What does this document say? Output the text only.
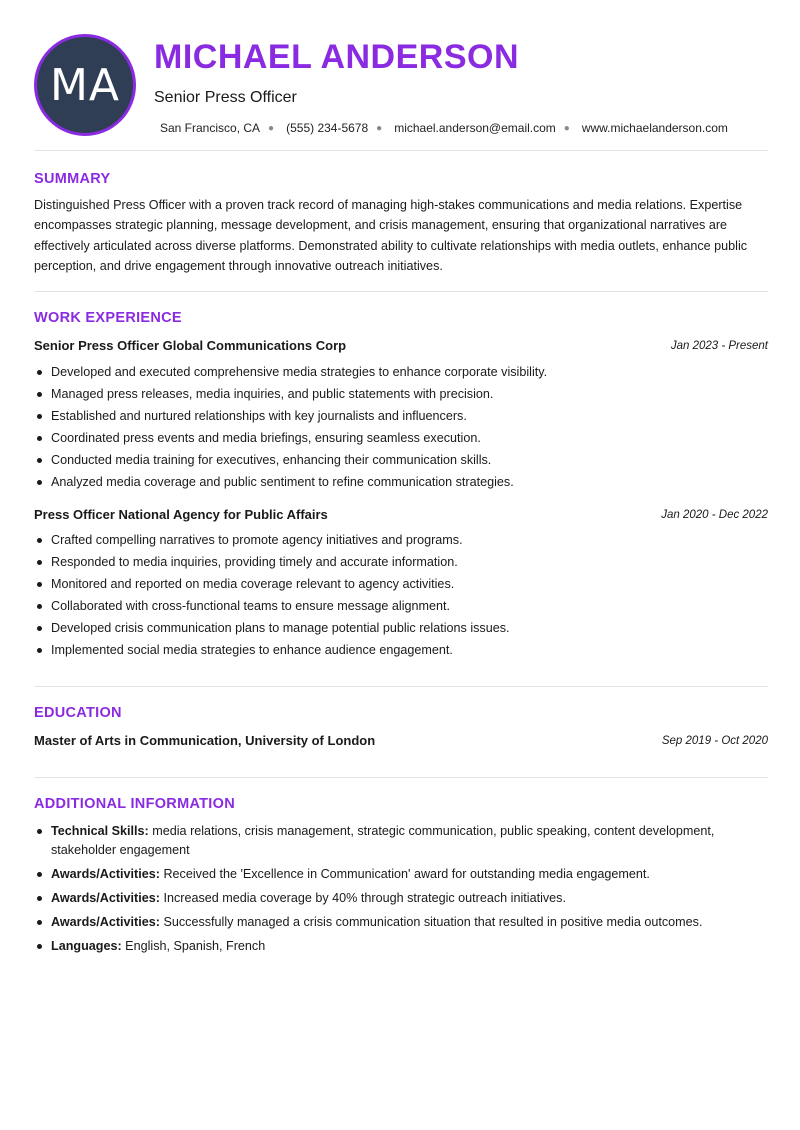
MA
MICHAEL ANDERSON
Senior Press Officer
San Francisco, CA ● (555) 234-5678 ● michael.anderson@email.com ● www.michaelanderson.com
SUMMARY

Distinguished Press Officer with a proven track record of managing high-stakes communications and media relations. Expertise encompasses strategic planning, message development, and crisis management, ensuring that organizational narratives are effectively articulated across diverse platforms. Demonstrated ability to cultivate relationships with media outlets, enhance public perception, and drive engagement through innovative outreach initiatives.

WORK EXPERIENCE
Senior Press Officer Global Communications Corp	Jan 2023 - Present
Developed and executed comprehensive media strategies to enhance corporate visibility.
Managed press releases, media inquiries, and public statements with precision.
Established and nurtured relationships with key journalists and influencers.
Coordinated press events and media briefings, ensuring seamless execution.
Conducted media training for executives, enhancing their communication skills.
Analyzed media coverage and public sentiment to refine communication strategies.
Press Officer National Agency for Public Affairs	Jan 2020 - Dec 2022
Crafted compelling narratives to promote agency initiatives and programs.
Responded to media inquiries, providing timely and accurate information.
Monitored and reported on media coverage relevant to agency activities.
Collaborated with cross-functional teams to ensure message alignment.
Developed crisis communication plans to manage potential public relations issues.
Implemented social media strategies to enhance audience engagement.
EDUCATION
Master of Arts in Communication, University of London	Sep 2019 - Oct 2020
ADDITIONAL INFORMATION
Technical Skills: media relations, crisis management, strategic communication, public speaking, content development, stakeholder engagement
Awards/Activities: Received the 'Excellence in Communication' award for outstanding media engagement.
Awards/Activities: Increased media coverage by 40% through strategic outreach initiatives.
Awards/Activities: Successfully managed a crisis communication situation that resulted in positive media outcomes.
Languages: English, Spanish, French
